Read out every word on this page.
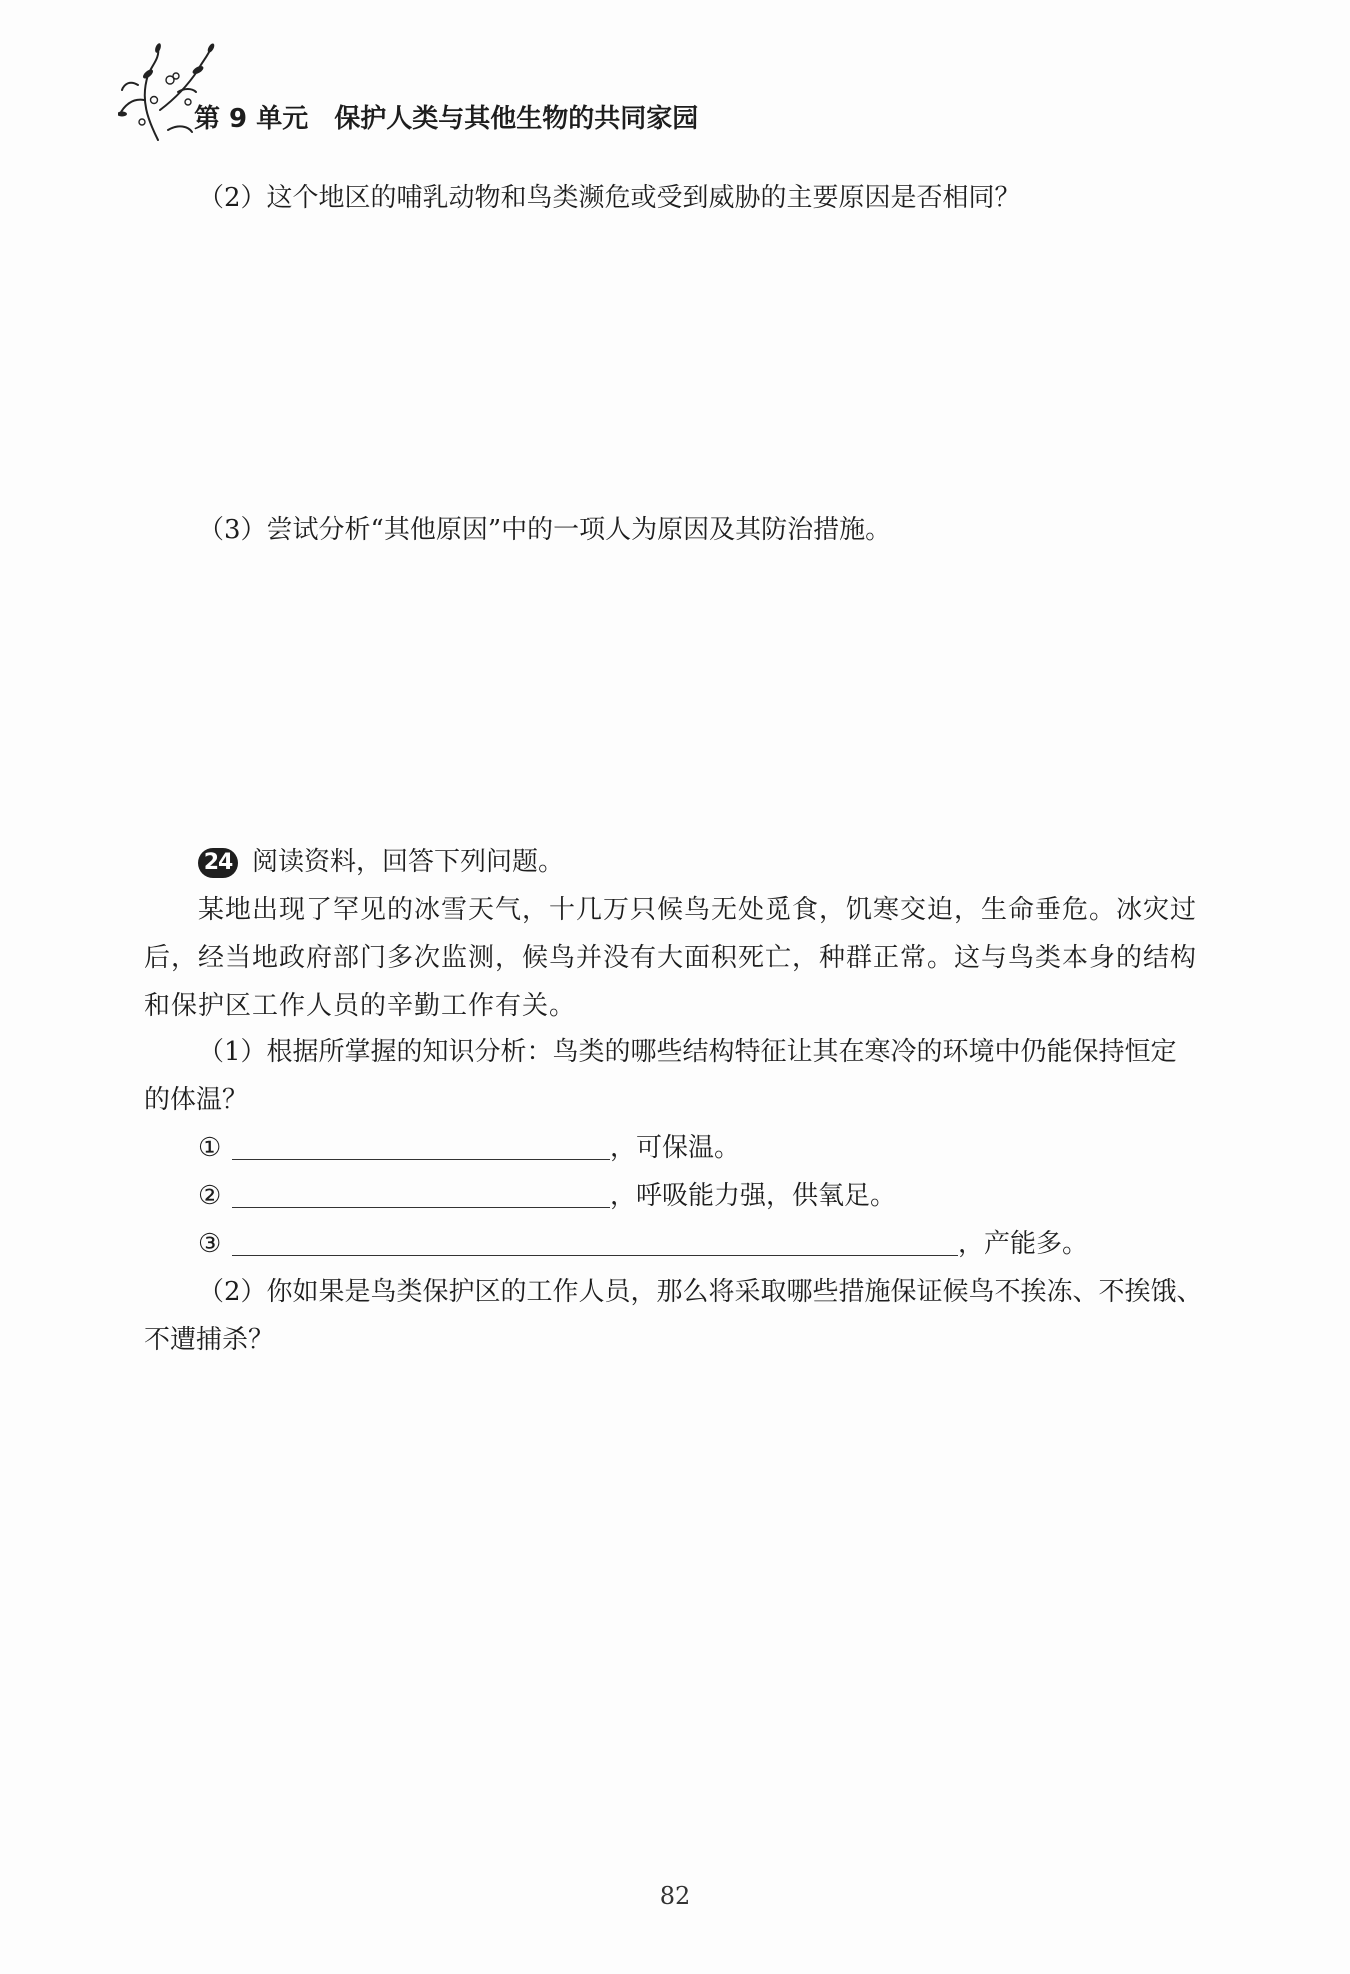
第 9 单元 保护人类与其他生物的共同家园
（2）这个地区的哺乳动物和鸟类濒危或受到威胁的主要原因是否相同？
（3）尝试分析“其他原因”中的一项人为原因及其防治措施。
24 阅读资料，回答下列问题。
某地出现了罕见的冰雪天气，十几万只候鸟无处觅食，饥寒交迫，生命垂危。冰灾过后，经当地政府部门多次监测，候鸟并没有大面积死亡，种群正常。这与鸟类本身的结构和保护区工作人员的辛勤工作有关。
（1）根据所掌握的知识分析：鸟类的哪些结构特征让其在寒冷的环境中仍能保持恒定
的体温？
①	，可保温。
②	，呼吸能力强，供氧足。
③	，产能多。
（2）你如果是鸟类保护区的工作人员，那么将采取哪些措施保证候鸟不挨冻、不挨饿、
不遭捕杀？
82
